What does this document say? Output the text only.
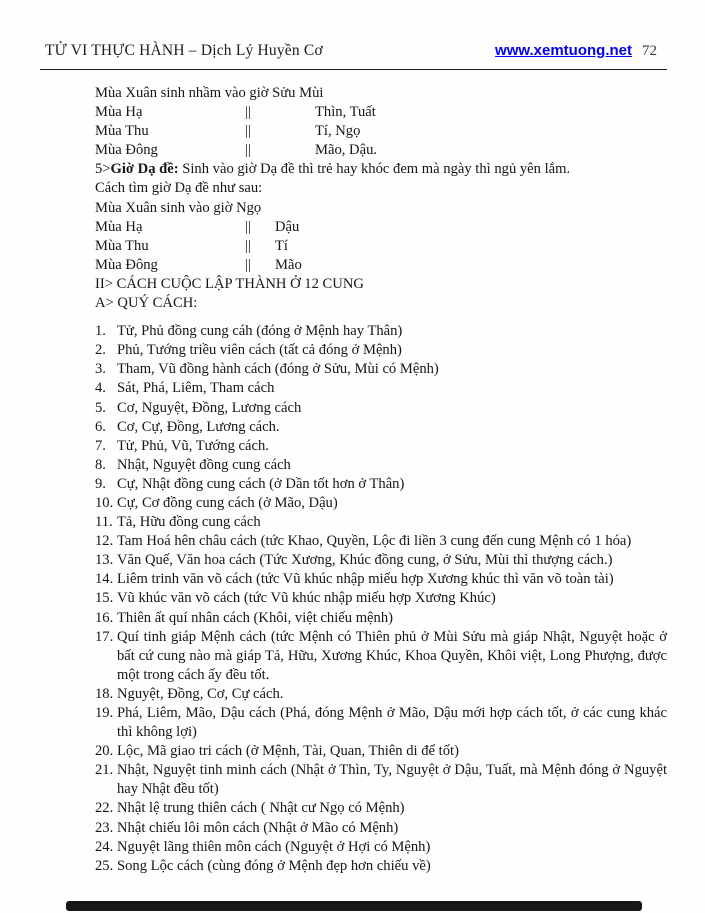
TỬ VI THỰC HÀNH – Dịch Lý Huyền Cơ	www.xemtuong.net 72

Mùa Xuân sinh nhầm vào giờ Sửu Mùi

Mùa Hạ	||	Thìn, Tuất
Mùa Thu	||	Tí, Ngọ
Mùa Đông	||	Mão, Dậu.

5>Giờ Dạ đề: Sinh vào giờ Dạ đề thì trẻ hay khóc đem mà ngày thì ngủ yên lắm.

Cách tìm giờ Dạ đề như sau:

Mùa Xuân sinh vào giờ Ngọ

Mùa Hạ	||	Dậu
Mùa Thu	||	Tí
Mùa Đông	||	Mão

II> CÁCH CUỘC LẬP THÀNH Ở 12 CUNG

A> QUÝ CÁCH:

1. Tử, Phủ đồng cung cáh (đóng ở Mệnh hay Thân)
2. Phủ, Tướng triều viên cách (tất cả đóng ở Mệnh)
3. Tham, Vũ đồng hành cách (đóng ở Sửu, Mùi có Mệnh)
4. Sát, Phá, Liêm, Tham cách
5. Cơ, Nguyệt, Đồng, Lương cách
6. Cơ, Cự, Đồng, Lương cách.
7. Tử, Phủ, Vũ, Tướng cách.
8. Nhật, Nguyệt đồng cung cách
9. Cự, Nhật đồng cung cách (ở Dần tốt hơn ở Thân)
10. Cự, Cơ đồng cung cách (ở Mão, Dậu)
11. Tả, Hữu đồng cung cách
12. Tam Hoá hên châu cách (tức Khao, Quyền, Lộc đi liền 3 cung đến cung Mệnh có 1 hóa)
13. Văn Quế, Văn hoa cách (Tức Xương, Khúc đồng cung, ở Sửu, Mùi thì thượng cách.)
14. Liêm trinh văn võ cách (tức Vũ khúc nhập miếu hợp Xương khúc thì văn võ toàn tài)
15. Vũ khúc văn võ cách (tức Vũ khúc nhập miếu hợp Xương Khúc)
16. Thiên ất quí nhân cách (Khôi, việt chiếu mệnh)
17. Quí tinh giáp Mệnh cách (tức Mệnh có Thiên phủ ở Mùi Sửu mà giáp Nhật, Nguyệt hoặc ở bất cứ cung nào mà giáp Tả, Hữu, Xương Khúc, Khoa Quyền, Khôi việt, Long Phượng, được một trong cách ấy đều tốt.
18. Nguyệt, Đồng, Cơ, Cự cách.
19. Phá, Liêm, Mão, Dậu cách (Phá, đóng Mệnh ở Mão, Dậu mới hợp cách tốt, ở các cung khác thì không lợi)
20. Lộc, Mã giao tri cách (ở Mệnh, Tài, Quan, Thiên di để tốt)
21. Nhật, Nguyệt tinh minh cách (Nhật ở Thìn, Ty, Nguyệt ở Dậu, Tuất, mà Mệnh đóng ở Nguyệt hay Nhật đều tốt)
22. Nhật lệ trung thiên cách ( Nhật cư Ngọ có Mệnh)
23. Nhật chiếu lôi môn cách (Nhật ở Mão có Mệnh)
24. Nguyệt lãng thiên môn cách (Nguyệt ở Hợi có Mệnh)
25. Song Lộc cách (cùng đóng ở Mệnh đẹp hơn chiếu về)
